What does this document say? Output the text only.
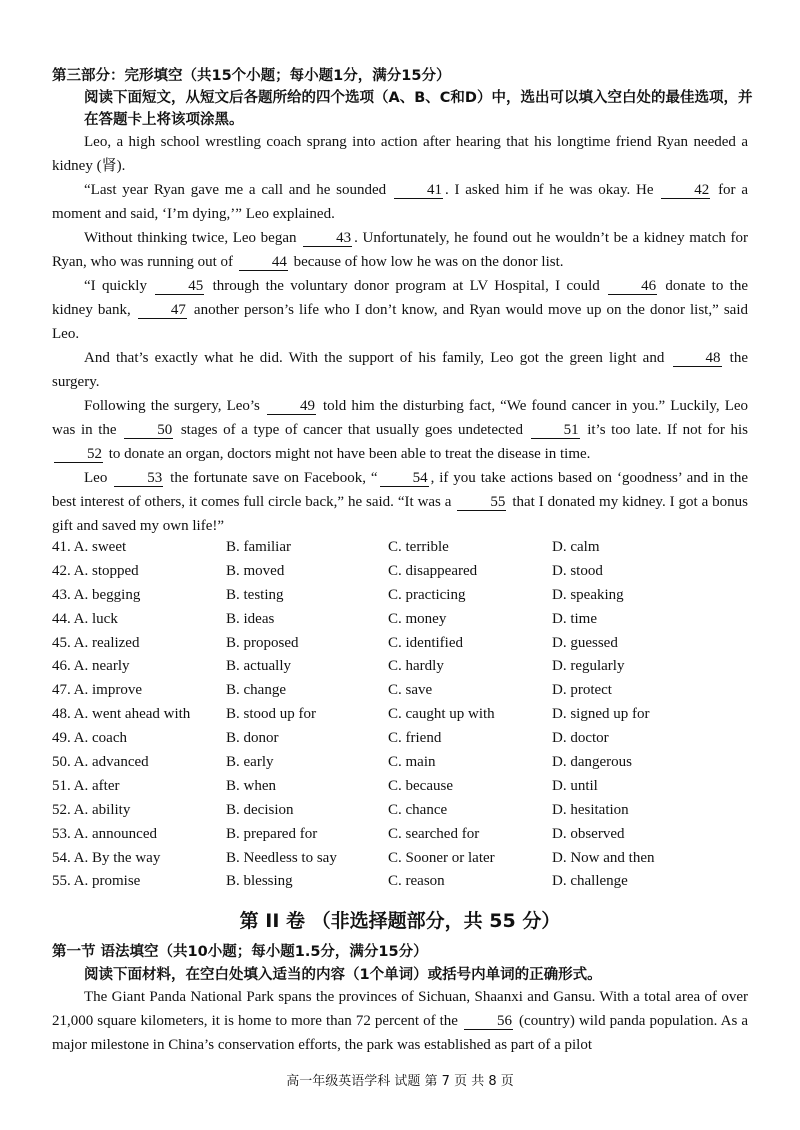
第三部分：完形填空（共15个小题；每小题1分，满分15分）
阅读下面短文，从短文后各题所给的四个选项（A、B、C和D）中，选出可以填入空白处的最佳选项，并在答题卡上将该项涂黑。

Leo, a high school wrestling coach sprang into action after hearing that his longtime friend Ryan needed a kidney (肾).

“Last year Ryan gave me a call and he sounded	41 . I asked him if he was okay. He	42 for a moment and said, ‘I’m dying,’” Leo explained.

Without thinking twice, Leo began	43 . Unfortunately, he found out he wouldn’t be a kidney match for Ryan, who was running out of	44 because of how low he was on the donor list.

“I quickly	45 through the voluntary donor program at LV Hospital, I could	46 donate to the kidney bank,	47 another person’s life who I don’t know, and Ryan would move up on the donor list,” said Leo.

And that’s exactly what he did. With the support of his family, Leo got the green light and	48 the surgery.

Following the surgery, Leo’s	49 told him the disturbing fact, “We found cancer in you.” Luckily, Leo was in the	50 stages of a type of cancer that usually goes undetected	51 it’s too late. If not for his 52 to donate an organ, doctors might not have been able to treat the disease in time.

Leo	53 the fortunate save on Facebook, “ 54 , if you take actions based on ‘goodness’ and in the best interest of others, it comes full circle back,” he said. “It was a	55 that I donated my kidney. I got a bonus gift and saved my own life!”

41. A. sweet	B. familiar	C. terrible	D. calm
42. A. stopped	B. moved	C. disappeared	D. stood
43. A. begging	B. testing	C. practicing	D. speaking
44. A. luck	B. ideas	C. money	D. time
45. A. realized	B. proposed	C. identified	D. guessed
46. A. nearly	B. actually	C. hardly	D. regularly
47. A. improve	B. change	C. save	D. protect
48. A. went ahead with	B. stood up for	C. caught up with	D. signed up for
49. A. coach	B. donor	C. friend	D. doctor
50. A. advanced	B. early	C. main	D. dangerous
51. A. after	B. when	C. because	D. until
52. A. ability	B. decision	C. chance	D. hesitation
53. A. announced	B. prepared for	C. searched for	D. observed
54. A. By the way	B. Needless to say	C. Sooner or later	D. Now and then
55. A. promise	B. blessing	C. reason	D. challenge
第 II 卷 （非选择题部分，共 55 分）
第一节 语法填空（共10小题；每小题1.5分，满分15分）
阅读下面材料，在空白处填入适当的内容（1个单词）或括号内单词的正确形式。

The Giant Panda National Park spans the provinces of Sichuan, Shaanxi and Gansu. With a total area of over 21,000 square kilometers, it is home to more than 72 percent of the	56 (country) wild panda population. As a major milestone in China’s conservation efforts, the park was established as part of a pilot

高一年级英语学科 试题 第 7 页 共 8 页
